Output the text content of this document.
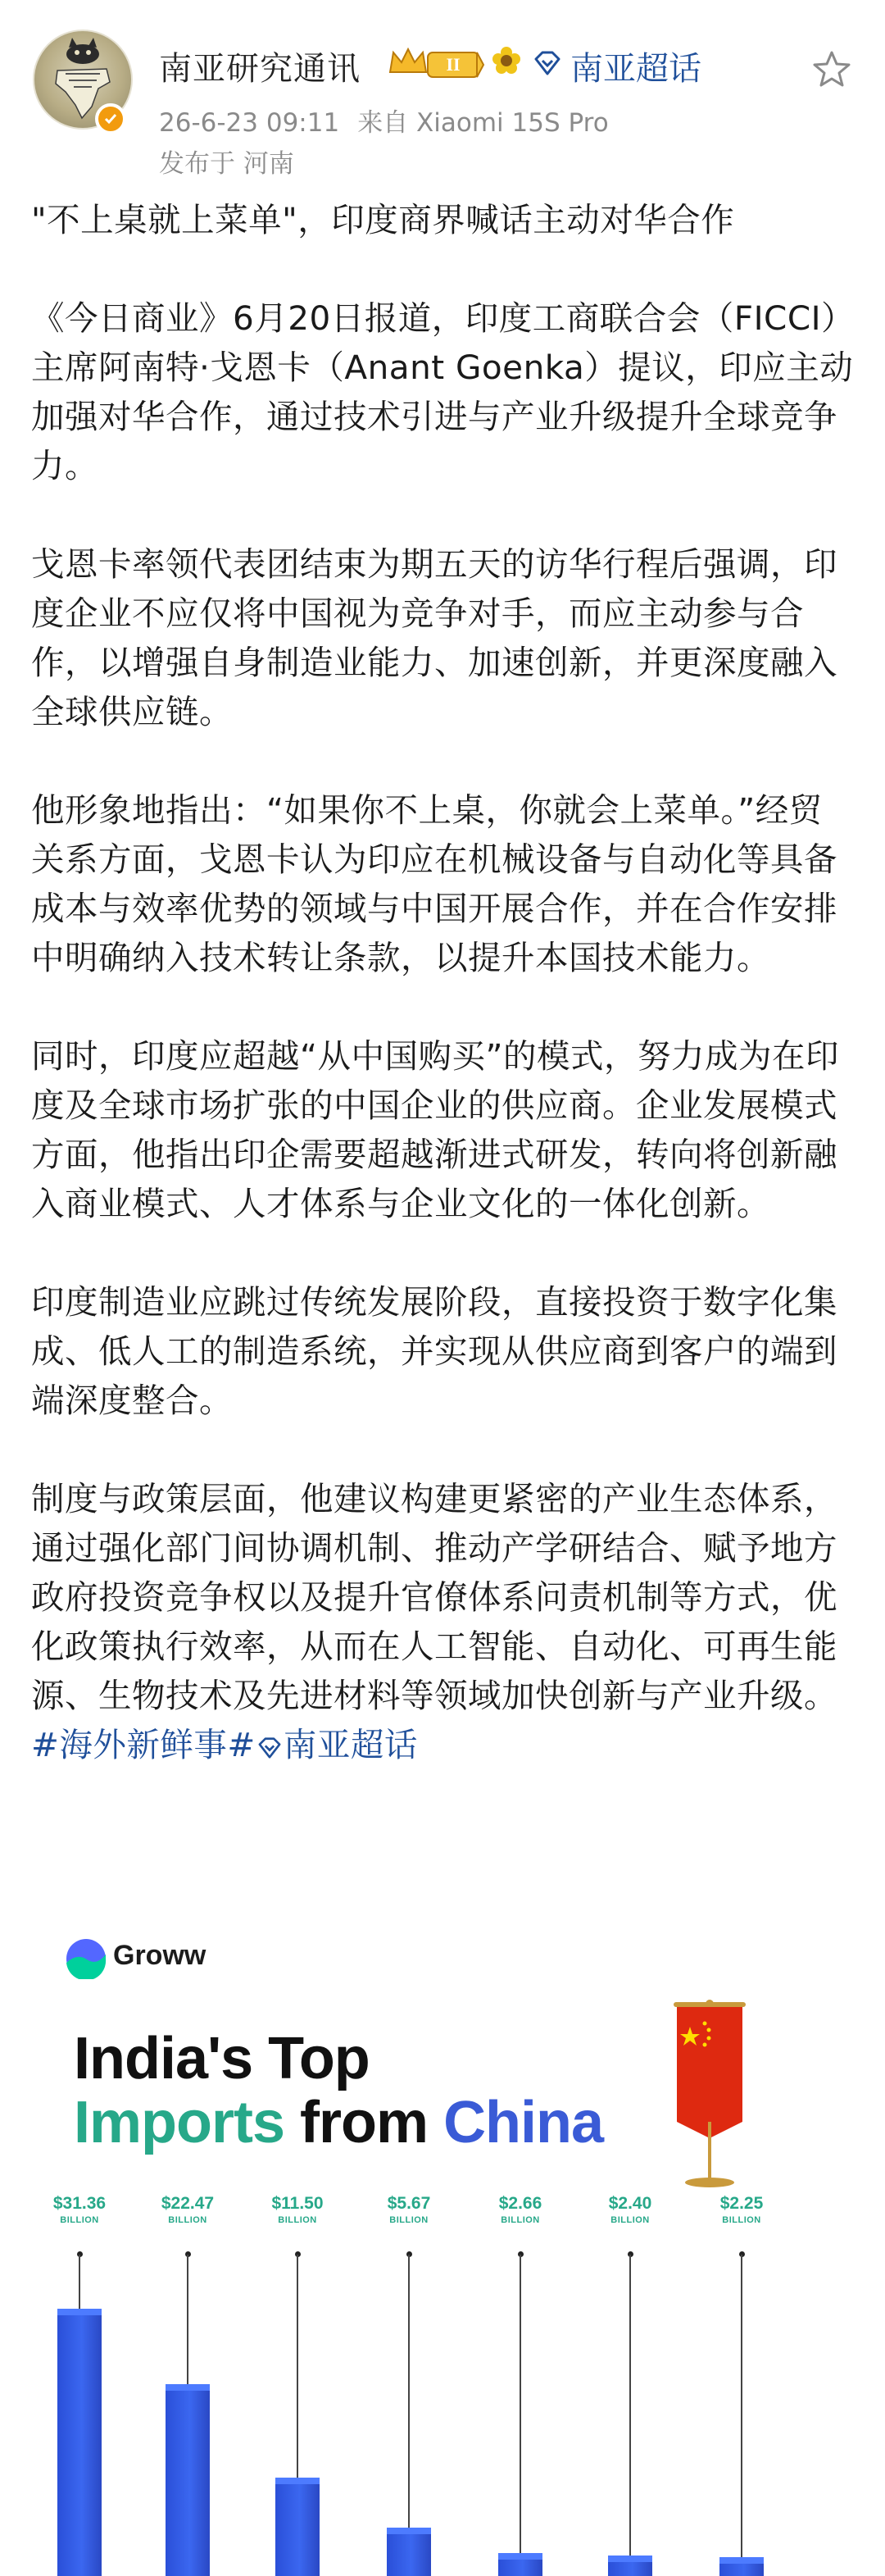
南亚研究通讯	II	南亚超话
26-6-23 09:11 来自 Xiaomi 15S Pro
发布于 河南

"不上桌就上菜单"，印度商界喊话主动对华合作

《今日商业》6月20日报道，印度工商联合会（FICCI）主席阿南特·戈恩卡（Anant Goenka）提议，印应主动加强对华合作，通过技术引进与产业升级提升全球竞争力。

戈恩卡率领代表团结束为期五天的访华行程后强调，印度企业不应仅将中国视为竞争对手，而应主动参与合作，以增强自身制造业能力、加速创新，并更深度融入全球供应链。

他形象地指出：“如果你不上桌，你就会上菜单。”经贸关系方面，戈恩卡认为印应在机械设备与自动化等具备成本与效率优势的领域与中国开展合作，并在合作安排中明确纳入技术转让条款，以提升本国技术能力。

同时，印度应超越“从中国购买”的模式，努力成为在印度及全球市场扩张的中国企业的供应商。企业发展模式方面，他指出印企需要超越渐进式研发，转向将创新融入商业模式、人才体系与企业文化的一体化创新。

印度制造业应跳过传统发展阶段，直接投资于数字化集成、低人工的制造系统，并实现从供应商到客户的端到端深度整合。

制度与政策层面，他建议构建更紧密的产业生态体系，通过强化部门间协调机制、推动产学研结合、赋予地方政府投资竞争权以及提升官僚体系问责机制等方式，优化政策执行效率，从而在人工智能、自动化、可再生能源、生物技术及先进材料等领域加快创新与产业升级。#海外新鲜事# 南亚超话

Groww
India's Top
Imports from China
$31.36
BILLION
$22.47
BILLION
$11.50
BILLION
$5.67
BILLION
$2.66
BILLION
$2.40
BILLION
$2.25
BILLION
